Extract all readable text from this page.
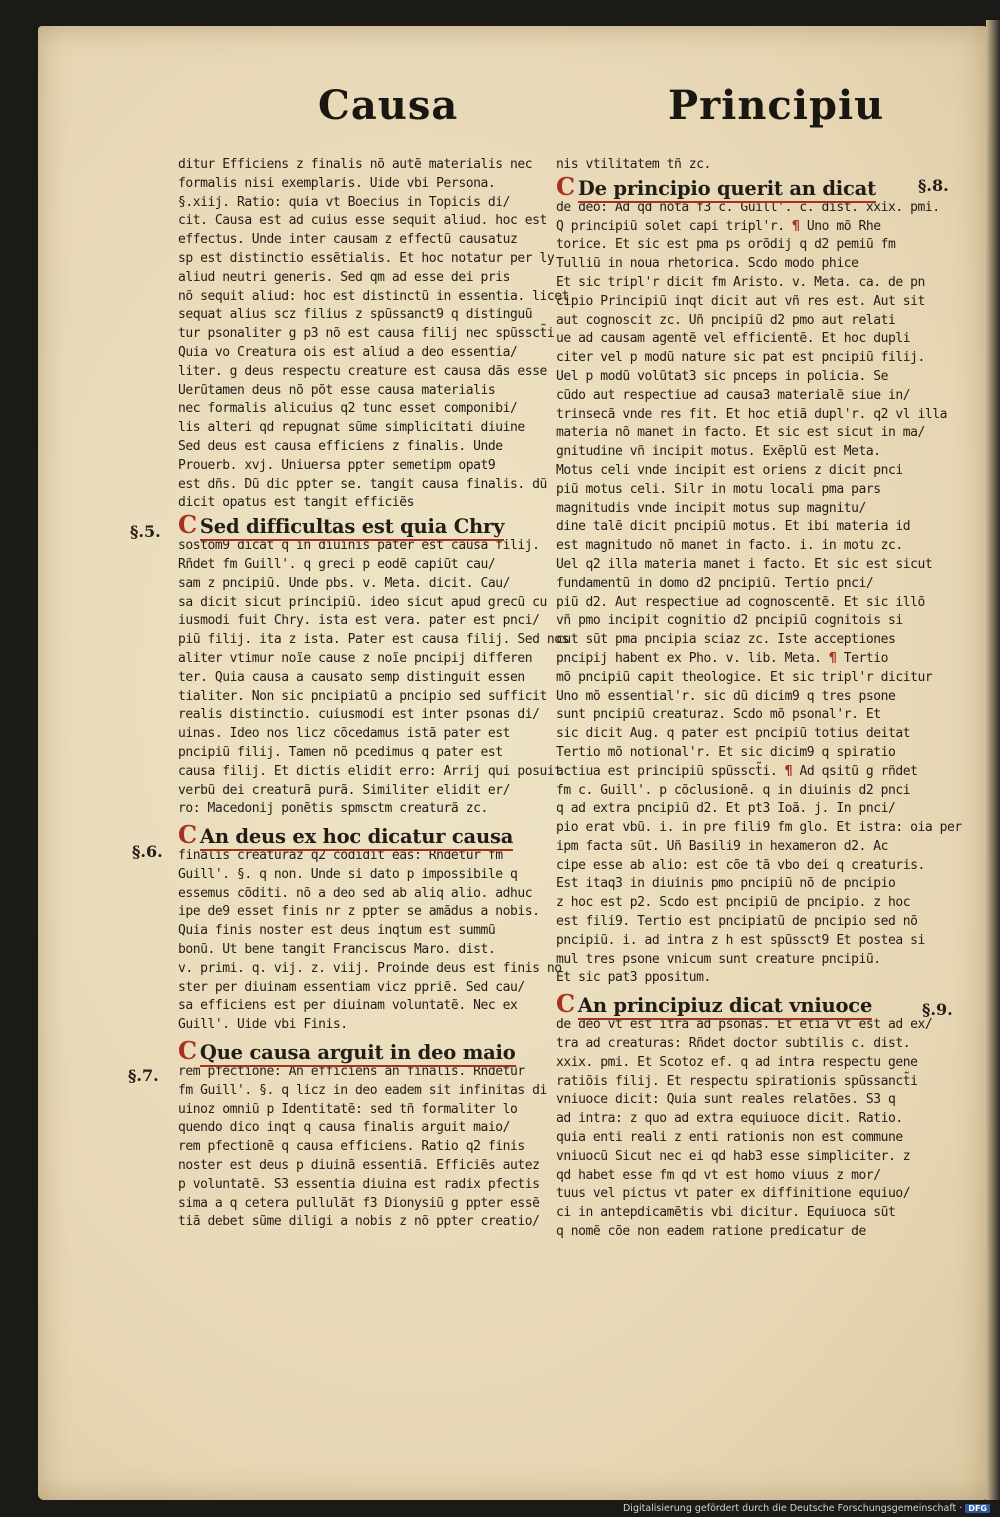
Causa	Principiu
§.5.
§.6.
§.7.
§.8.
§.9.
ditur Efficiens z finalis nõ autẽ materialis nec
formalis nisi exemplaris. Uide vbi Persona.
§.xiij. Ratio: quia vt Boecius in Topicis di/
cit. Causa est ad cuius esse sequit aliud. hoc est
effectus. Unde inter causam z effectũ causatuz
sp est distinctio essẽtialis. Et hoc notatur per ly
aliud neutri generis. Sed qm ad esse dei pris
nõ sequit aliud: hoc est distinctũ in essentia. licet
sequat alius scz filius z spũssanct9 q distinguũ
tur psonaliter g p3 nõ est causa filij nec spũssct̃i
Quia vo Creatura ois est aliud a deo essentia/
liter. g deus respectu creature est causa dãs esse
Uerũtamen deus nõ põt esse causa materialis
nec formalis alicuius q2 tunc esset componibi/
lis alteri qd repugnat sũme simplicitati diuine
Sed deus est causa efficiens z finalis. Unde
Prouerb. xvj. Uniuersa ppter semetipm opat9
est dñs. Dũ dic ppter se. tangit causa finalis. dũ
dicit opatus est tangit efficiẽs
C Sed difficultas est quia Chry
sostom9 dicat q in diuinis pater est causa filij.
Rñdet fm Guill'. q greci p eodẽ capiũt cau/
sam z pncipiũ. Unde pbs. v. Meta. dicit. Cau/
sa dicit sicut principiũ. ideo sicut apud grecũ cu
iusmodi fuit Chry. ista est vera. pater est pnci/
piũ filij. ita z ista. Pater est causa filij. Sed nos
aliter vtimur noĩe cause z noĩe pncipij differen
ter. Quia causa a causato semp distinguit essen
tialiter. Non sic pncipiatũ a pncipio sed sufficit
realis distinctio. cuiusmodi est inter psonas di/
uinas. Ideo nos licz cõcedamus istã pater est
pncipiũ filij. Tamen nõ pcedimus q pater est
causa filij. Et dictis elidit erro: Arrij qui posuit
verbũ dei creaturã purã. Similiter elidit er/
ro: Macedonij ponẽtis spmsctm creaturã zc.
C An deus ex hoc dicatur causa
finalis creaturaz q2 cõdidit eas: Rñdetur fm
Guill'. §. q non. Unde si dato p impossibile q
essemus cõditi. nõ a deo sed ab aliq alio. adhuc
ipe de9 esset finis nr z ppter se amãdus a nobis.
Quia finis noster est deus inqtum est summũ
bonũ. Ut bene tangit Franciscus Maro. dist.
v. primi. q. vij. z. viij. Proinde deus est finis no
ster per diuinam essentiam vicz ppriẽ. Sed cau/
sa efficiens est per diuinam voluntatẽ. Nec ex
Guill'. Uide vbi Finis.
C Que causa arguit in deo maio
rem pfectionẽ: An efficiens an finalis. Rñdetur
fm Guill'. §. q licz in deo eadem sit infinitas di
uinoz omniũ p Identitatẽ: sed tñ formaliter lo
quendo dico inqt q causa finalis arguit maio/
rem pfectionẽ q causa efficiens. Ratio q2 finis
noster est deus p diuinã essentiã. Efficiẽs autez
p voluntatẽ. S3 essentia diuina est radix pfectis
sima a q cetera pullulãt f3 Dionysiũ g ppter essẽ
tiã debet sũme diligi a nobis z nõ ppter creatio/
nis vtilitatem tñ zc.
C De principio querit an dicat
de deo: Ad qd nota f3 c. Guill'. c. dist. xxix. pmi.
Q principiũ solet capi tripl'r. ¶ Uno mõ Rhe
torice. Et sic est pma ps orõdij q d2 pemiũ fm
Tulliũ in noua rhetorica. Scdo modo phice
Et sic tripl'r dicit fm Aristo. v. Meta. ca. de pn
cipio Principiũ inqt dicit aut vñ res est. Aut sit
aut cognoscit zc. Uñ pncipiũ d2 pmo aut relati
ue ad causam agentẽ vel efficientẽ. Et hoc dupli
citer vel p modũ nature sic pat est pncipiũ filij.
Uel p modũ volũtat3 sic pnceps in policia. Se
cũdo aut respectiue ad causa3 materialẽ siue in/
trinsecã vnde res fit. Et hoc etiã dupl'r. q2 vl illa
materia nõ manet in facto. Et sic est sicut in ma/
gnitudine vñ incipit motus. Exẽplũ est Meta.
Motus celi vnde incipit est oriens z dicit pnci
piũ motus celi. Silr in motu locali pma pars
magnitudis vnde incipit motus sup magnitu/
dine talẽ dicit pncipiũ motus. Et ibi materia id
est magnitudo nõ manet in facto. i. in motu zc.
Uel q2 illa materia manet i facto. Et sic est sicut
fundamentũ in domo d2 pncipiũ. Tertio pnci/
piũ d2. Aut respectiue ad cognoscentẽ. Et sic illõ
vñ pmo incipit cognitio d2 pncipiũ cognitois si
cut sũt pma pncipia sciaz zc. Iste acceptiones
pncipij habent ex Pho. v. lib. Meta. ¶ Tertio
mõ pncipiũ capit theologice. Et sic tripl'r dicitur
Uno mõ essential'r. sic dũ dicim9 q tres psone
sunt pncipiũ creaturaz. Scdo mõ psonal'r. Et
sic dicit Aug. q pater est pncipiũ totius deitat
Tertio mõ notional'r. Et sic dicim9 q spiratio
actiua est principiũ spũssct̃i. ¶ Ad qsitũ g rñdet
fm c. Guill'. p cõclusionẽ. q in diuinis d2 pnci
q ad extra pncipiũ d2. Et pt3 Ioã. j. In pnci/
pio erat vbũ. i. in pre fili9 fm glo. Et istra: oia per
ipm facta sũt. Uñ Basili9 in hexameron d2. Ac
cipe esse ab alio: est cõe tã vbo dei q creaturis.
Est itaq3 in diuinis pmo pncipiũ nõ de pncipio
z hoc est p2. Scdo est pncipiũ de pncipio. z hoc
est fili9. Tertio est pncipiatũ de pncipio sed nõ
pncipiũ. i. ad intra z h est spũssct9 Et postea si
mul tres psone vnicum sunt creature pncipiũ.
Et sic pat3 ppositum.
C An principiuz dicat vniuoce
de deo vt est itra ad psonas. Et etiã vt est ad ex/
tra ad creaturas: Rñdet doctor subtilis c. dist.
xxix. pmi. Et Scotoz ef. q ad intra respectu gene
ratiõis filij. Et respectu spirationis spũssanct̃i
vniuoce dicit: Quia sunt reales relatões. S3 q
ad intra: z quo ad extra equiuoce dicit. Ratio.
quia enti reali z enti rationis non est commune
vniuocũ Sicut nec ei qd hab3 esse simpliciter. z
qd habet esse fm qd vt est homo viuus z mor/
tuus vel pictus vt pater ex diffinitione equiuo/
ci in antepdicamẽtis vbi dicitur. Equiuoca sũt
q nomẽ cõe non eadem ratione predicatur de
Digitalisierung gefördert durch die Deutsche Forschungsgemeinschaft · DFG
